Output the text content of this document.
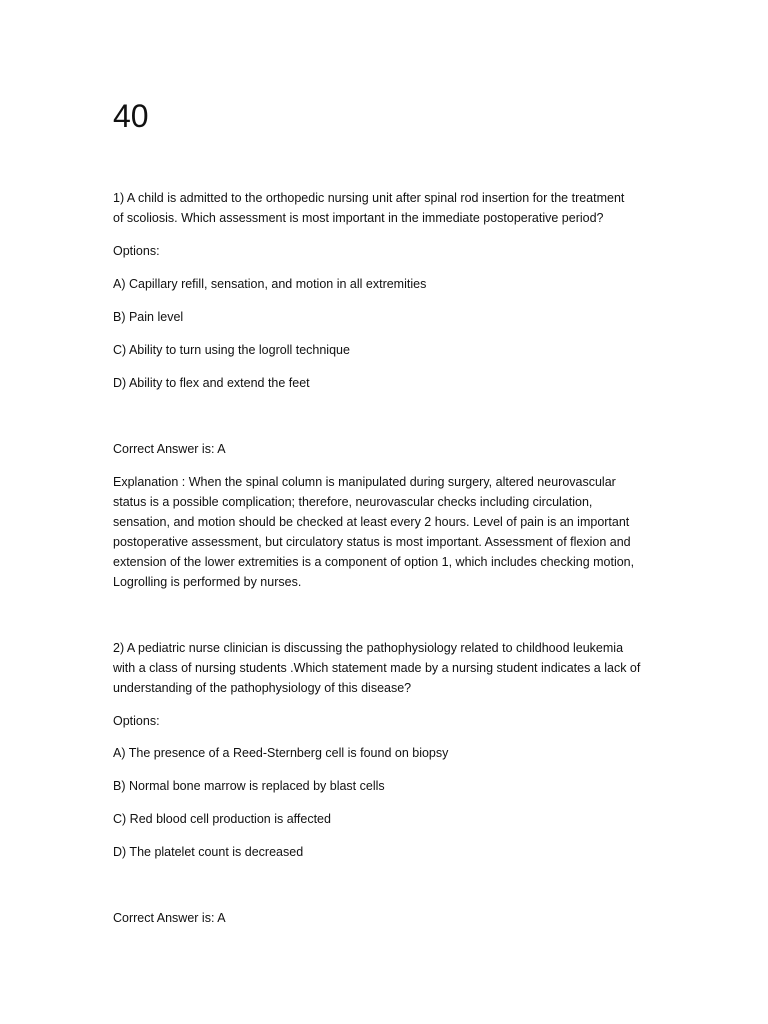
40
1) A child is admitted to the orthopedic nursing unit after spinal rod insertion for the treatment
of scoliosis. Which assessment is most important in the immediate postoperative period?
Options:
A) Capillary refill, sensation, and motion in all extremities
B) Pain level
C) Ability to turn using the logroll technique
D) Ability to flex and extend the feet
Correct Answer is: A
Explanation : When the spinal column is manipulated during surgery, altered neurovascular
status is a possible complication; therefore, neurovascular checks including circulation,
sensation, and motion should be checked at least every 2 hours. Level of pain is an important
postoperative assessment, but circulatory status is most important. Assessment of flexion and
extension of the lower extremities is a component of option 1, which includes checking motion,
Logrolling is performed by nurses.
2) A pediatric nurse clinician is discussing the pathophysiology related to childhood leukemia
with a class of nursing students .Which statement made by a nursing student indicates a lack of
understanding of the pathophysiology of this disease?
Options:
A) The presence of a Reed-Sternberg cell is found on biopsy
B) Normal bone marrow is replaced by blast cells
C) Red blood cell production is affected
D) The platelet count is decreased
Correct Answer is: A
